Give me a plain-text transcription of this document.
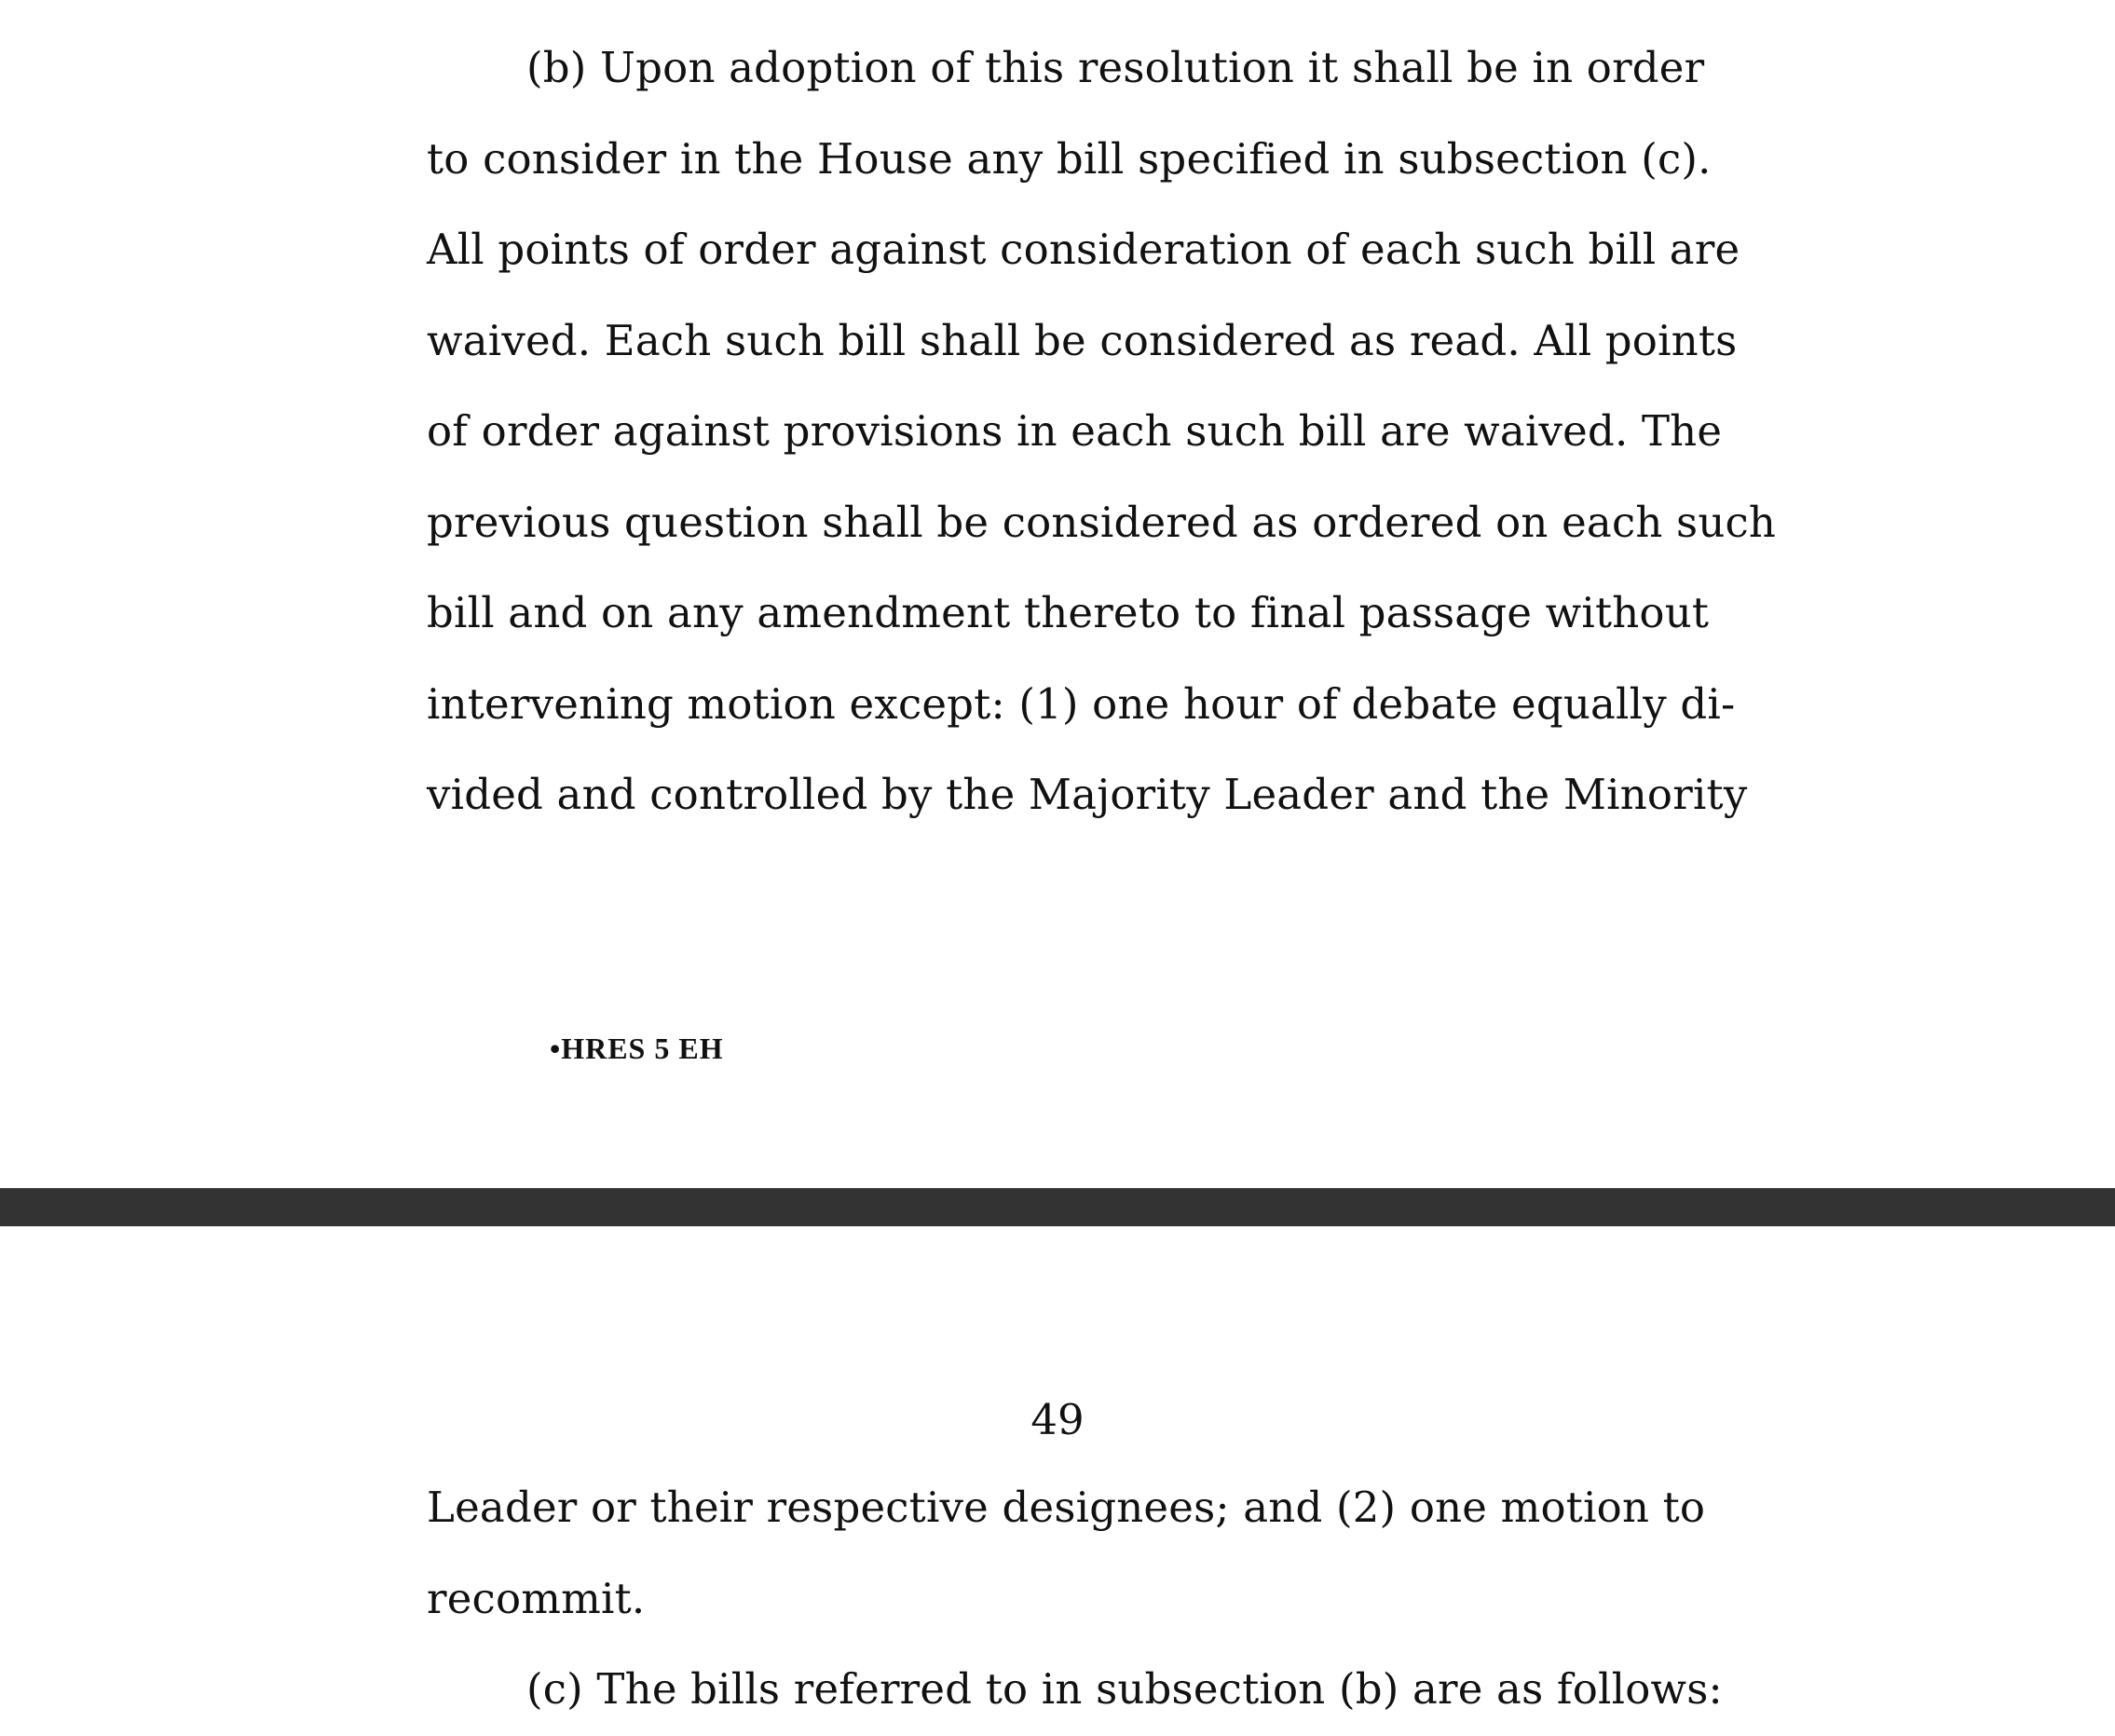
(b) Upon adoption of this resolution it shall be in order
to consider in the House any bill specified in subsection (c).
All points of order against consideration of each such bill are
waived. Each such bill shall be considered as read. All points
of order against provisions in each such bill are waived. The
previous question shall be considered as ordered on each such
bill and on any amendment thereto to final passage without
intervening motion except: (1) one hour of debate equally di-
vided and controlled by the Majority Leader and the Minority
•HRES 5 EH
49
Leader or their respective designees; and (2) one motion to
recommit.
(c) The bills referred to in subsection (b) are as follows:
